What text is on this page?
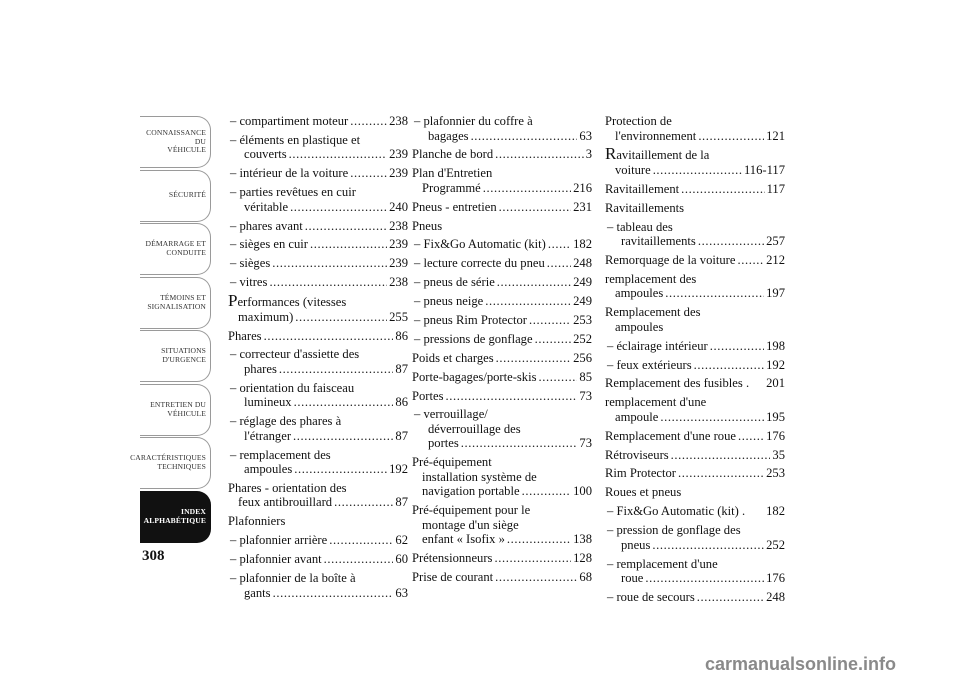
CONNAISSANCE DU
VÉHICULE
SÉCURITÉ
DÉMARRAGE ET
CONDUITE
TÉMOINS ET
SIGNALISATION
SITUATIONS
D'URGENCE
ENTRETIEN DU
VÉHICULE
CARACTÉRISTIQUES
TECHNIQUES
INDEX
ALPHABÉTIQUE
308
– compartiment moteur .....	238
– éléments en plastique et
couverts .....	239
– intérieur de la voiture .....	239
– parties revêtues en cuir
véritable .....	240
– phares avant .....	238
– sièges en cuir .....	239
– sièges .....	239
– vitres .....	238
Performances (vitesses
maximum) .....	255
Phares .....	86
– correcteur d'assiette des
phares .....	87
– orientation du faisceau
lumineux .....	86
– réglage des phares à
l'étranger .....	87
– remplacement des
ampoules .....	192
Phares - orientation des
feux antibrouillard .....	87
Plafonniers
– plafonnier arrière .....	62
– plafonnier avant .....	60
– plafonnier de la boîte à
gants .....	63
– plafonnier du coffre à
bagages .....	63
Planche de bord .....	3
Plan d'Entretien
Programmé .....	216
Pneus - entretien .....	231
Pneus
– Fix&Go Automatic (kit) ..... 182
– lecture correcte du pneu ..... 248
– pneus de série .....	249
– pneus neige .....	249
– pneus Rim Protector .....	253
– pressions de gonflage .....	252
Poids et charges .....	256
Porte-bagages/porte-skis .....	85
Portes .....	73
– verrouillage/
déverrouillage des
portes .....	73
Pré-équipement
installation système de
navigation portable .....	100
Pré-équipement pour le
montage d'un siège
enfant « Isofix » .....	138
Prétensionneurs .....	128
Prise de courant .....	68
Protection de
l'environnement .....	121
Ravitaillement de la
voiture .....	116-117
Ravitaillement .....	117
Ravitaillements
– tableau des
ravitaillements .....	257
Remorquage de la voiture ..... 212
remplacement des
ampoules .....	197
Remplacement des
ampoules
– éclairage intérieur .....	198
– feux extérieurs .....	192
Remplacement des fusibles . 201
remplacement d'une
ampoule .....	195
Remplacement d'une roue ..... 176
Rétroviseurs .....	35
Rim Protector .....	253
Roues et pneus
– Fix&Go Automatic (kit) . 182
– pression de gonflage des
pneus .....	252
– remplacement d'une
roue .....	176
– roue de secours .....	248
carmanualsonline.info
